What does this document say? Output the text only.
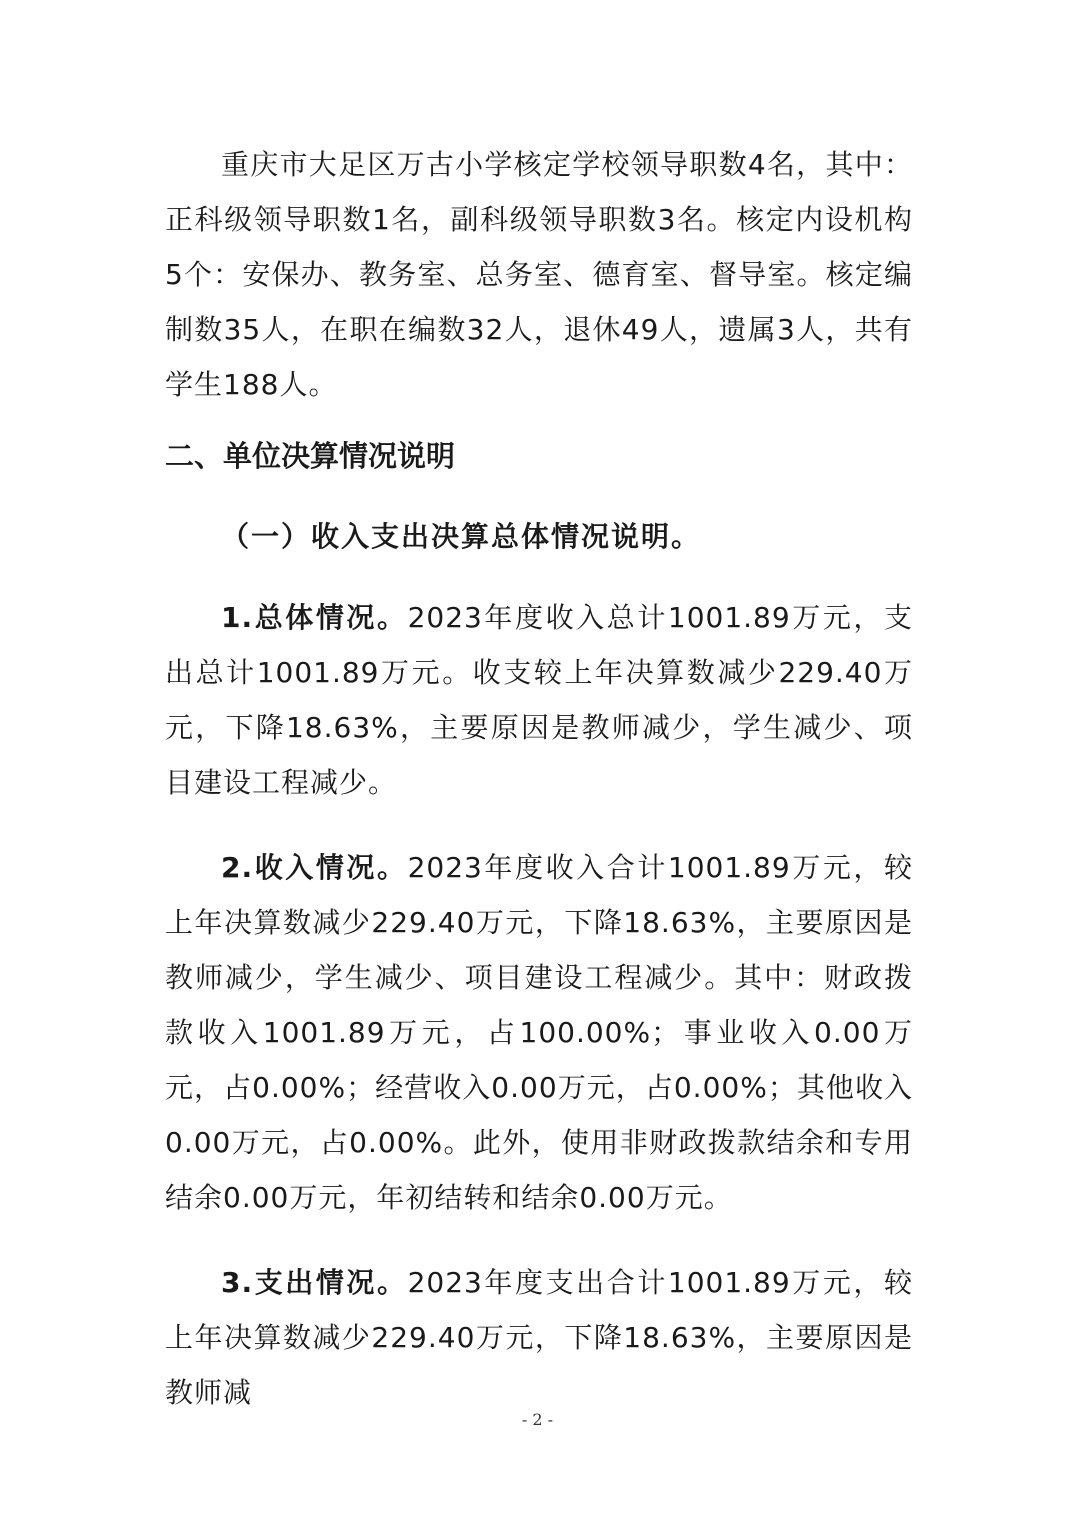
重庆市大足区万古小学核定学校领导职数4名，其中：正科级领导职数1名，副科级领导职数3名。核定内设机构5个：安保办、教务室、总务室、德育室、督导室。核定编制数35人，在职在编数32人，退休49人，遗属3人，共有学生188人。

二、单位决算情况说明
（一）收入支出决算总体情况说明。

1.总体情况。2023年度收入总计1001.89万元，支出总计1001.89万元。收支较上年决算数减少229.40万元，下降18.63%，主要原因是教师减少，学生减少、项目建设工程减少。

2.收入情况。2023年度收入合计1001.89万元，较上年决算数减少229.40万元，下降18.63%，主要原因是教师减少，学生减少、项目建设工程减少。其中：财政拨款收入1001.89万元，占100.00%；事业收入0.00万元，占0.00%；经营收入0.00万元，占0.00%；其他收入0.00万元，占0.00%。此外，使用非财政拨款结余和专用结余0.00万元，年初结转和结余0.00万元。

3.支出情况。2023年度支出合计1001.89万元，较上年决算数减少229.40万元，下降18.63%，主要原因是教师减

- 2 -
